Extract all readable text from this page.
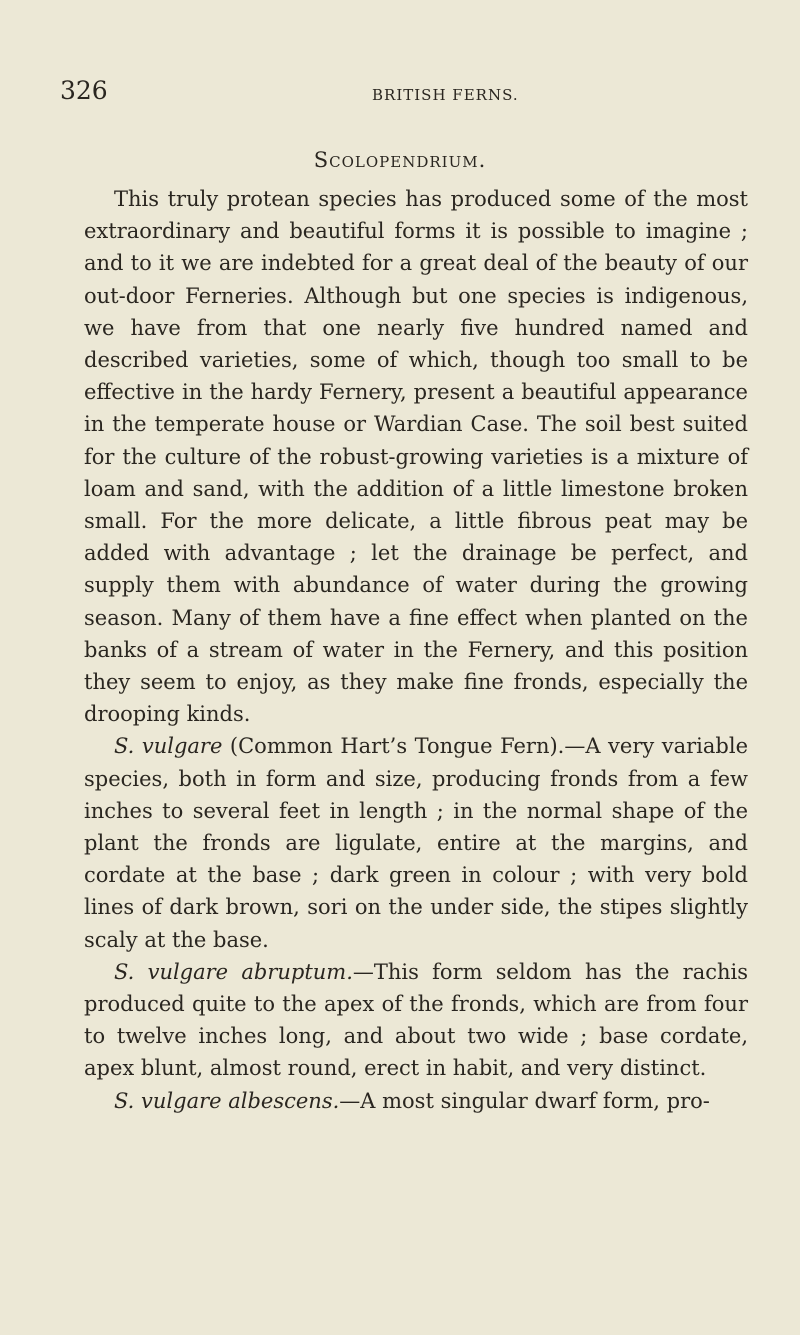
326	BRITISH FERNS.
Scolopendrium.

This truly protean species has produced some of the most extraordinary and beautiful forms it is possible to imagine ; and to it we are indebted for a great deal of the beauty of our out-door Ferneries. Although but one species is indigenous, we have from that one nearly five hundred named and described varieties, some of which, though too small to be effective in the hardy Fernery, present a beautiful appearance in the temperate house or Wardian Case. The soil best suited for the culture of the robust-growing varieties is a mixture of loam and sand, with the addition of a little limestone broken small. For the more delicate, a little fibrous peat may be added with advantage ; let the drainage be perfect, and supply them with abundance of water during the growing season. Many of them have a fine effect when planted on the banks of a stream of water in the Fernery, and this position they seem to enjoy, as they make fine fronds, especially the drooping kinds.

S. vulgare (Common Hart’s Tongue Fern).—A very variable species, both in form and size, producing fronds from a few inches to several feet in length ; in the normal shape of the plant the fronds are ligulate, entire at the margins, and cordate at the base ; dark green in colour ; with very bold lines of dark brown, sori on the under side, the stipes slightly scaly at the base.

S. vulgare abruptum.—This form seldom has the rachis produced quite to the apex of the fronds, which are from four to twelve inches long, and about two wide ; base cordate, apex blunt, almost round, erect in habit, and very distinct.

S. vulgare albescens.—A most singular dwarf form, pro-
